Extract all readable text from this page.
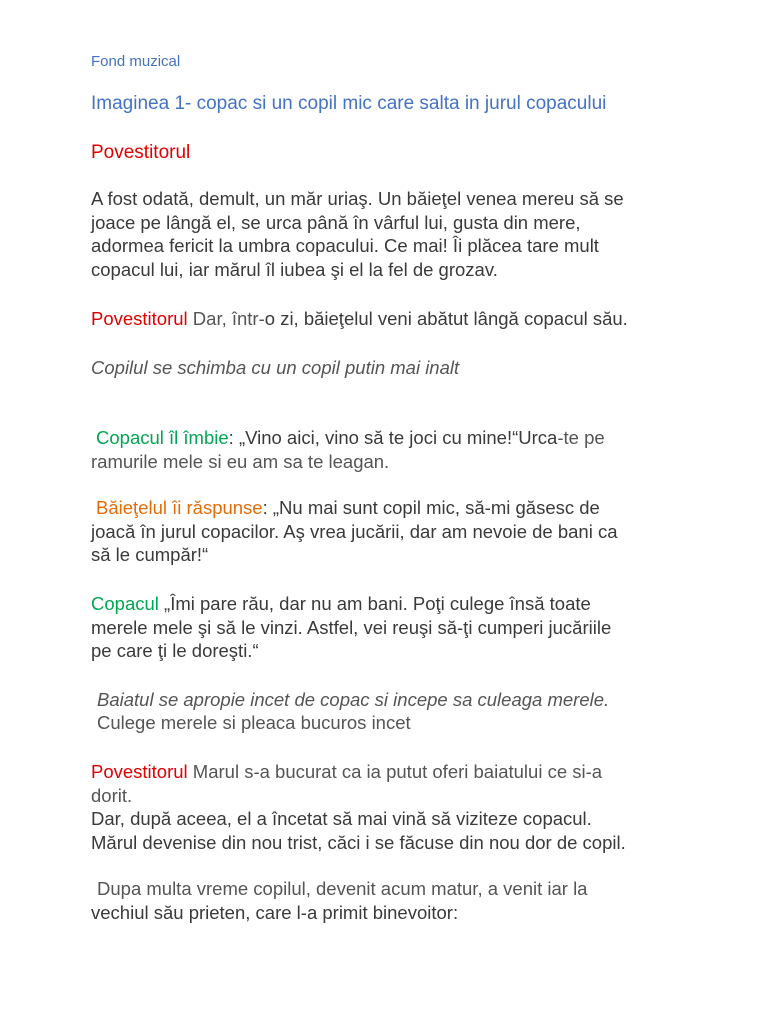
Fond muzical
Imaginea 1- copac si un copil mic care salta in jurul copacului
Povestitorul
A fost odată, demult, un măr uriaş. Un băieţel venea mereu să se
joace pe lângă el, se urca până în vârful lui, gusta din mere,
adormea fericit la umbra copacului. Ce mai! Îi plăcea tare mult
copacul lui, iar mărul îl iubea şi el la fel de grozav.
Povestitorul Dar, într-o zi, băieţelul veni abătut lângă copacul său.
Copilul se schimba cu un copil putin mai inalt
Copacul îl îmbie: „Vino aici, vino să te joci cu mine!“Urca-te pe
ramurile mele si eu am sa te leagan.
Băieţelul îi răspunse: „Nu mai sunt copil mic, să-mi găsesc de
joacă în jurul copacilor. Aş vrea jucării, dar am nevoie de bani ca
să le cumpăr!“
Copacul „Îmi pare rău, dar nu am bani. Poţi culege însă toate
merele mele şi să le vinzi. Astfel, vei reuşi să-ţi cumperi jucăriile
pe care ţi le doreşti.“
Baiatul se apropie incet de copac si incepe sa culeaga merele.
Culege merele si pleaca bucuros incet
Povestitorul Marul s-a bucurat ca ia putut oferi baiatului ce si-a
dorit.
Dar, după aceea, el a încetat să mai vină să viziteze copacul.
Mărul devenise din nou trist, căci i se făcuse din nou dor de copil.
Dupa multa vreme copilul, devenit acum matur, a venit iar la
vechiul său prieten, care l-a primit binevoitor:
